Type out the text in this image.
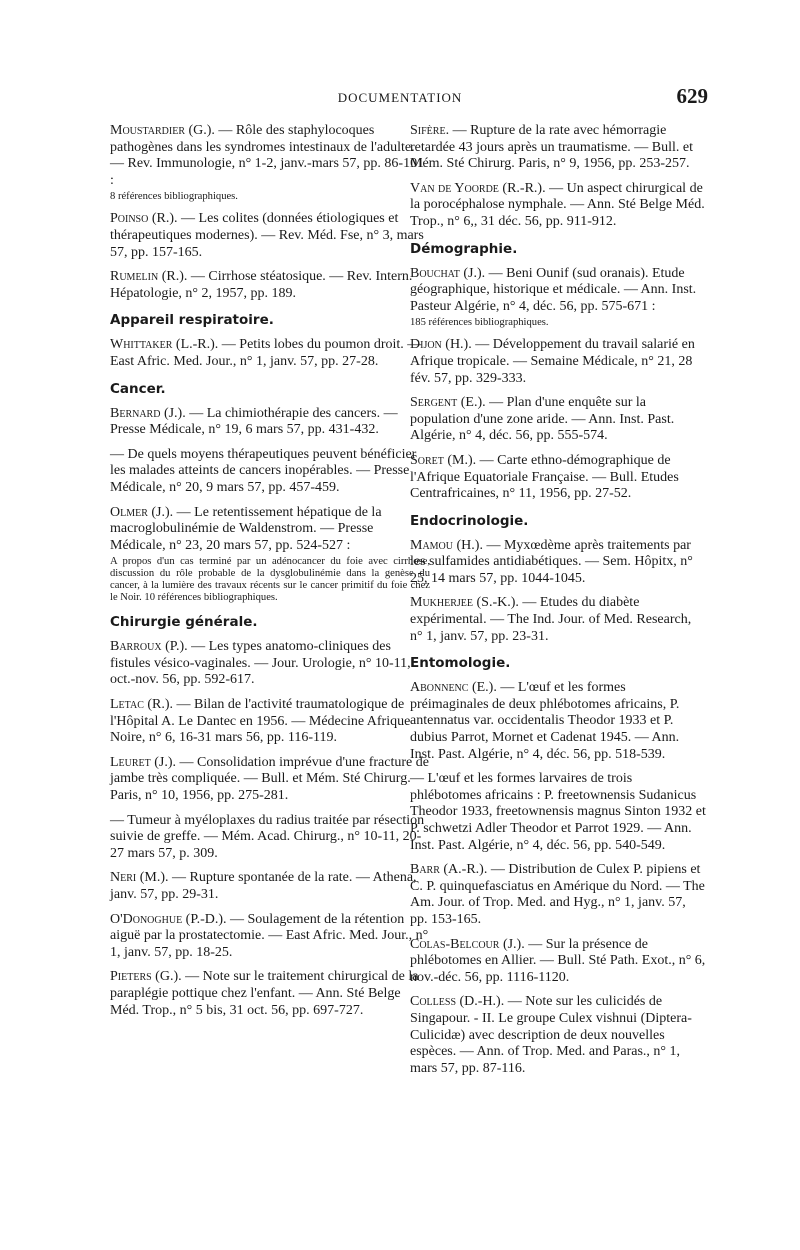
DOCUMENTATION	629
Moustardier (G.). — Rôle des staphylocoques pathogènes dans les syndromes intestinaux de l'adulte. — Rev. Immunologie, n° 1-2, janv.-mars 57, pp. 86-101 :
8 références bibliographiques.
Poinso (R.). — Les colites (données étiologiques et thérapeutiques modernes). — Rev. Méd. Fse, n° 3, mars 57, pp. 157-165.
Rumelin (R.). — Cirrhose stéatosique. — Rev. Intern. Hépatologie, n° 2, 1957, pp. 189.
Appareil respiratoire.
Whittaker (L.-R.). — Petits lobes du poumon droit. — East Afric. Med. Jour., n° 1, janv. 57, pp. 27-28.
Cancer.
Bernard (J.). — La chimiothérapie des cancers. — Presse Médicale, n° 19, 6 mars 57, pp. 431-432.
— De quels moyens thérapeutiques peuvent bénéficier les malades atteints de cancers inopérables. — Presse Médicale, n° 20, 9 mars 57, pp. 457-459.
Olmer (J.). — Le retentissement hépatique de la macroglobulinémie de Waldenstrom. — Presse Médicale, n° 23, 20 mars 57, pp. 524-527 :
A propos d'un cas terminé par un adénocancer du foie avec cirrhose, discussion du rôle probable de la dysglobulinémie dans la genèse du cancer, à la lumière des travaux récents sur le cancer primitif du foie chez le Noir. 10 références bibliographiques.
Chirurgie générale.
Barroux (P.). — Les types anatomo-cliniques des fistules vésico-vaginales. — Jour. Urologie, n° 10-11, oct.-nov. 56, pp. 592-617.
Letac (R.). — Bilan de l'activité traumatologique de l'Hôpital A. Le Dantec en 1956. — Médecine Afrique Noire, n° 6, 16-31 mars 56, pp. 116-119.
Leuret (J.). — Consolidation imprévue d'une fracture de jambe très compliquée. — Bull. et Mém. Sté Chirurg. Paris, n° 10, 1956, pp. 275-281.
— Tumeur à myéloplaxes du radius traitée par résection suivie de greffe. — Mém. Acad. Chirurg., n° 10-11, 20-27 mars 57, p. 309.
Neri (M.). — Rupture spontanée de la rate. — Athena, janv. 57, pp. 29-31.
O'Donoghue (P.-D.). — Soulagement de la rétention aiguë par la prostatectomie. — East Afric. Med. Jour., n° 1, janv. 57, pp. 18-25.
Pieters (G.). — Note sur le traitement chirurgical de la paraplégie pottique chez l'enfant. — Ann. Sté Belge Méd. Trop., n° 5 bis, 31 oct. 56, pp. 697-727.
Sifère. — Rupture de la rate avec hémorragie retardée 43 jours après un traumatisme. — Bull. et Mém. Sté Chirurg. Paris, n° 9, 1956, pp. 253-257.
Van de Yoorde (R.-R.). — Un aspect chirurgical de la porocéphalose nymphale. — Ann. Sté Belge Méd. Trop., n° 6,, 31 déc. 56, pp. 911-912.
Démographie.
Bouchat (J.). — Beni Ounif (sud oranais). Etude géographique, historique et médicale. — Ann. Inst. Pasteur Algérie, n° 4, déc. 56, pp. 575-671 :
185 références bibliographiques.
Dijon (H.). — Développement du travail salarié en Afrique tropicale. — Semaine Médicale, n° 21, 28 fév. 57, pp. 329-333.
Sergent (E.). — Plan d'une enquête sur la population d'une zone aride. — Ann. Inst. Past. Algérie, n° 4, déc. 56, pp. 555-574.
Soret (M.). — Carte ethno-démographique de l'Afrique Equatoriale Française. — Bull. Etudes Centrafricaines, n° 11, 1956, pp. 27-52.
Endocrinologie.
Mamou (H.). — Myxœdème après traitements par les sulfamides antidiabétiques. — Sem. Hôpitx, n° 25, 14 mars 57, pp. 1044-1045.
Mukherjee (S.-K.). — Etudes du diabète expérimental. — The Ind. Jour. of Med. Research, n° 1, janv. 57, pp. 23-31.
Entomologie.
Abonnenc (E.). — L'œuf et les formes préimaginales de deux phlébotomes africains, P. antennatus var. occidentalis Theodor 1933 et P. dubius Parrot, Mornet et Cadenat 1945. — Ann. Inst. Past. Algérie, n° 4, déc. 56, pp. 518-539.
— L'œuf et les formes larvaires de trois phlébotomes africains : P. freetownensis Sudanicus Theodor 1933, freetownensis magnus Sinton 1932 et P. schwetzi Adler Theodor et Parrot 1929. — Ann. Inst. Past. Algérie, n° 4, déc. 56, pp. 540-549.
Barr (A.-R.). — Distribution de Culex P. pipiens et C. P. quinquefasciatus en Amérique du Nord. — The Am. Jour. of Trop. Med. and Hyg., n° 1, janv. 57, pp. 153-165.
Colas-Belcour (J.). — Sur la présence de phlébotomes en Allier. — Bull. Sté Path. Exot., n° 6, nov.-déc. 56, pp. 1116-1120.
Colless (D.-H.). — Note sur les culicidés de Singapour. - II. Le groupe Culex vishnui (Diptera-Culicidæ) avec description de deux nouvelles espèces. — Ann. of Trop. Med. and Paras., n° 1, mars 57, pp. 87-116.
